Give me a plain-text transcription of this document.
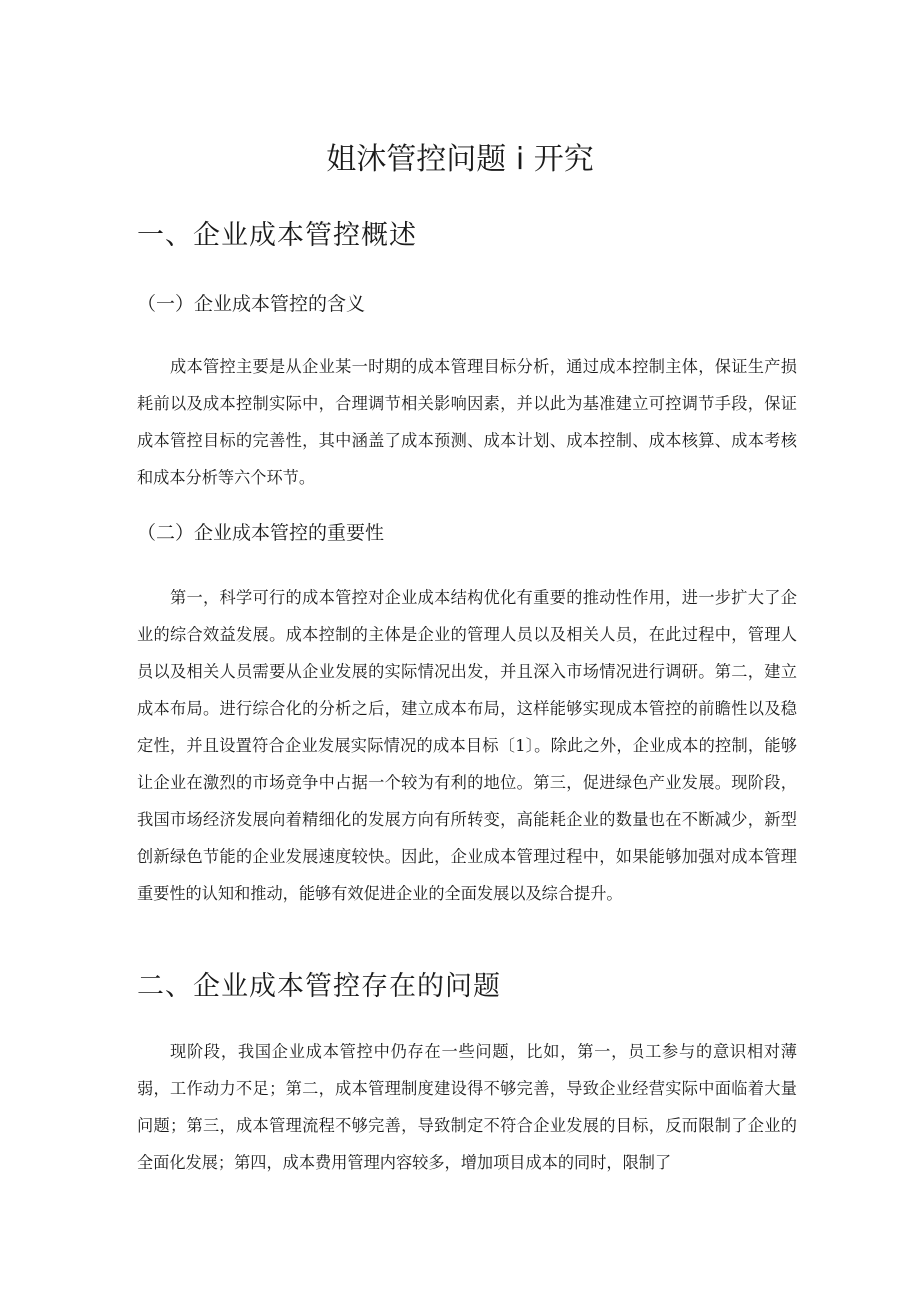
姐沐管控问题 i 开究
一、企业成本管控概述
（一）企业成本管控的含义

成本管控主要是从企业某一时期的成本管理目标分析，通过成本控制主体，保证生产损耗前以及成本控制实际中，合理调节相关影响因素，并以此为基准建立可控调节手段，保证成本管控目标的完善性，其中涵盖了成本预测、成本计划、成本控制、成本核算、成本考核和成本分析等六个环节。

（二）企业成本管控的重要性

第一，科学可行的成本管控对企业成本结构优化有重要的推动性作用，进一步扩大了企业的综合效益发展。成本控制的主体是企业的管理人员以及相关人员，在此过程中，管理人员以及相关人员需要从企业发展的实际情况出发，并且深入市场情况进行调研。第二，建立成本布局。进行综合化的分析之后，建立成本布局，这样能够实现成本管控的前瞻性以及稳定性，并且设置符合企业发展实际情况的成本目标〔1〕。除此之外，企业成本的控制，能够让企业在激烈的市场竞争中占据一个较为有利的地位。第三，促进绿色产业发展。现阶段，我国市场经济发展向着精细化的发展方向有所转变，高能耗企业的数量也在不断减少，新型创新绿色节能的企业发展速度较快。因此，企业成本管理过程中，如果能够加强对成本管理重要性的认知和推动，能够有效促进企业的全面发展以及综合提升。

二、企业成本管控存在的问题

现阶段，我国企业成本管控中仍存在一些问题，比如，第一，员工参与的意识相对薄弱，工作动力不足；第二，成本管理制度建设得不够完善，导致企业经营实际中面临着大量问题；第三，成本管理流程不够完善，导致制定不符合企业发展的目标，反而限制了企业的全面化发展；第四，成本费用管理内容较多，增加项目成本的同时，限制了
